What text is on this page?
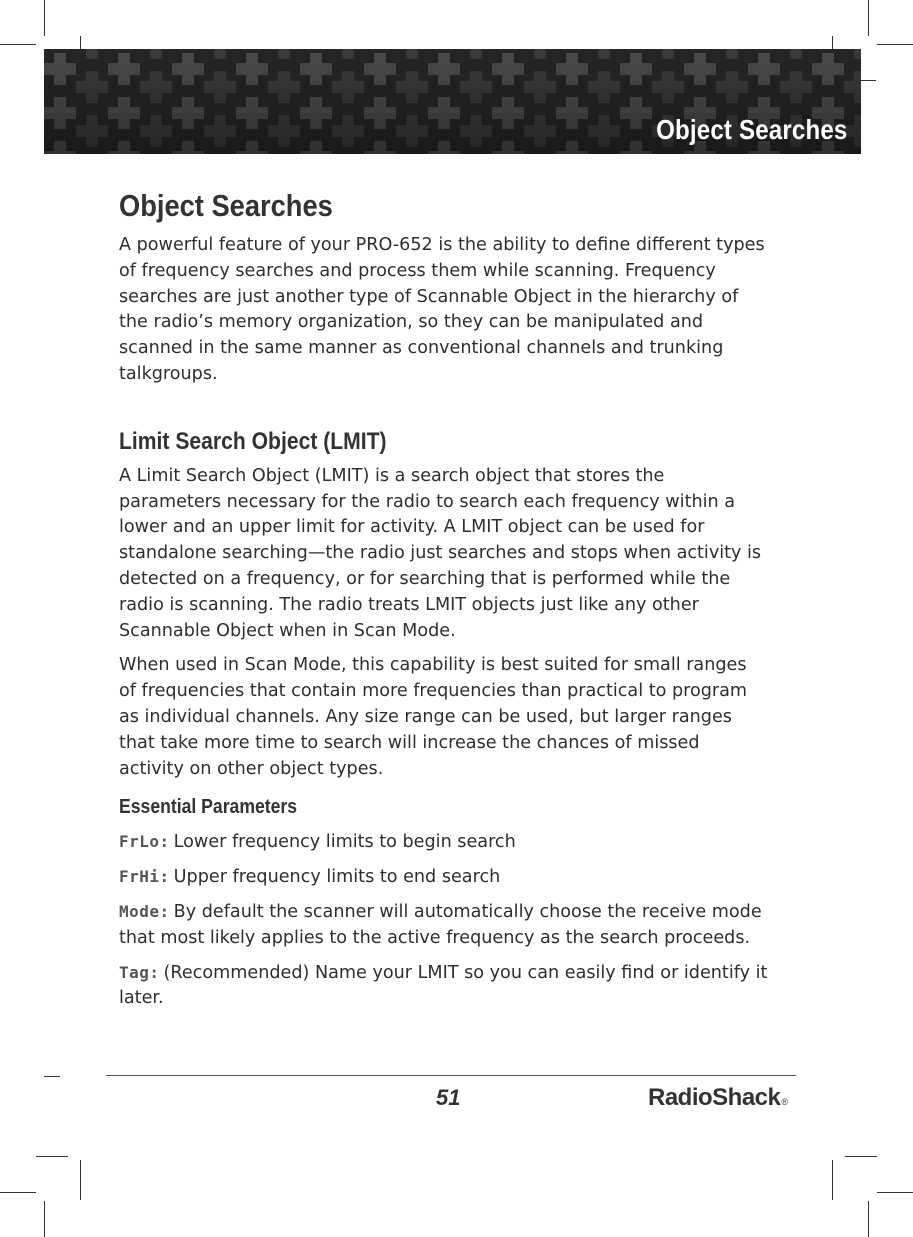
Object Searches
Object Searches

A powerful feature of your PRO-652 is the ability to define different types of frequency searches and process them while scanning. Frequency searches are just another type of Scannable Object in the hierarchy of the radio’s memory organization, so they can be manipulated and scanned in the same manner as conventional channels and trunking talkgroups.

Limit Search Object (LMIT)

A Limit Search Object (LMIT) is a search object that stores the parameters necessary for the radio to search each frequency within a lower and an upper limit for activity. A LMIT object can be used for standalone searching—the radio just searches and stops when activity is detected on a frequency, or for searching that is performed while the radio is scanning. The radio treats LMIT objects just like any other Scannable Object when in Scan Mode.

When used in Scan Mode, this capability is best suited for small ranges of frequencies that contain more frequencies than practical to program as individual channels. Any size range can be used, but larger ranges that take more time to search will increase the chances of missed activity on other object types.

Essential Parameters

FrLo: Lower frequency limits to begin search

FrHi: Upper frequency limits to end search

Mode: By default the scanner will automatically choose the receive mode that most likely applies to the active frequency as the search proceeds.

Tag: (Recommended) Name your LMIT so you can easily find or identify it later.

51	RadioShack®
